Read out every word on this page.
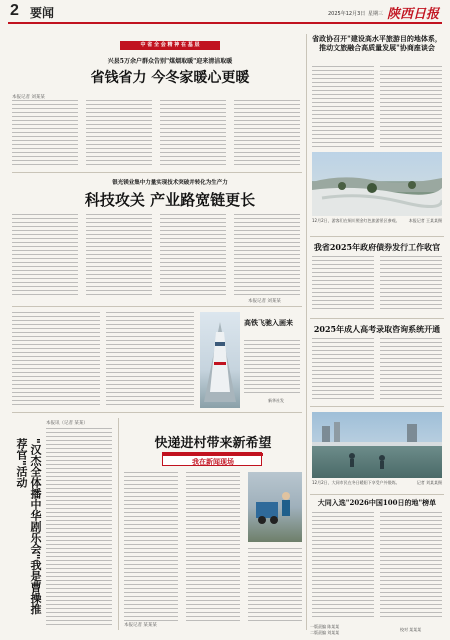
2 要闻	2025年12月3日 星期三 陕西日报
中 省 全 会 精 神 在 基 层
兴县5万余户群众告别"煤烟取暖"迎来清洁取暖
省钱省力 今冬家暖心更暖
本报记者 刘某某
银光镁业集中力量实现技术突破并转化为生产力
科技攻关 产业路宽链更长
本报记者 刘某某
省政协召开"建设高水平旅游目的地体系，推动文旅融合高质量发展"协商座谈会
12月2日，游客们在铜川照金红色旅游景区参观。 本报记者 王某某摄
我省2025年政府债券发行工作收官
2025年成人高考录取咨询系统开通
12月2日，大同市民在冬日暖阳下享受户外锻炼。	记者 刘某某摄
大同入选"2026中国100日的地"榜单
高铁飞驰入画来
新华社发
"汉杰全体播中华剧乐会"我是曹操推荐官"活动
本报讯（记者 某某）
快递进村带来新希望
我在新闻现场
本报记者 某某某	一版责编 陈某某
二版责编 刘某某
校对 某某某
